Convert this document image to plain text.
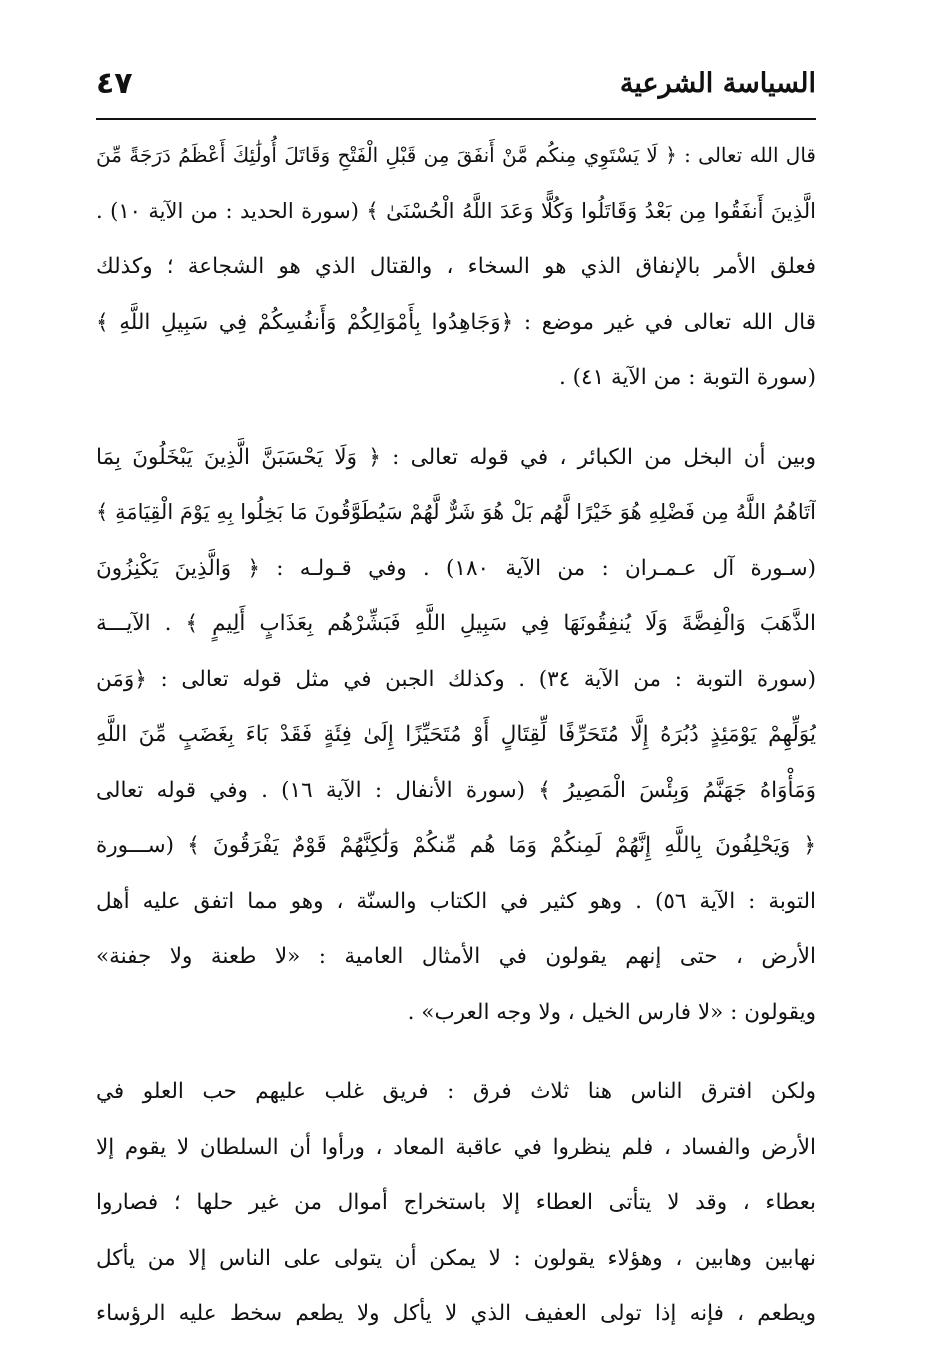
٤٧	السياسة الشرعية
قال الله تعالى : ﴿ لَا يَسْتَوِي مِنكُم مَّنْ أَنفَقَ مِن قَبْلِ الْفَتْحِ وَقَاتَلَ أُولَٰئِكَ أَعْظَمُ دَرَجَةً مِّنَ
الَّذِينَ أَنفَقُوا مِن بَعْدُ وَقَاتَلُوا وَكُلًّا وَعَدَ اللَّهُ الْحُسْنَىٰ ﴾ (سورة الحديد : من الآية ١٠) .
فعلق الأمر بالإنفاق الذي هو السخاء ، والقتال الذي هو الشجاعة ؛ وكذلك
قال الله تعالى في غير موضع : ﴿وَجَاهِدُوا بِأَمْوَالِكُمْ وَأَنفُسِكُمْ فِي سَبِيلِ اللَّهِ ﴾
(سورة التوبة : من الآية ٤١) .
وبين أن البخل من الكبائر ، في قوله تعالى : ﴿ وَلَا يَحْسَبَنَّ الَّذِينَ يَبْخَلُونَ بِمَا
آتَاهُمُ اللَّهُ مِن فَضْلِهِ هُوَ خَيْرًا لَّهُم بَلْ هُوَ شَرٌّ لَّهُمْ سَيُطَوَّقُونَ مَا بَخِلُوا بِهِ يَوْمَ الْقِيَامَةِ ﴾
(سـورة آل عـمـران : من الآية ١٨٠) . وفي قـولـه : ﴿ وَالَّذِينَ يَكْنِزُونَ
الذَّهَبَ وَالْفِضَّةَ وَلَا يُنفِقُونَهَا فِي سَبِيلِ اللَّهِ فَبَشِّرْهُم بِعَذَابٍ أَلِيمٍ ﴾ . الآيـــة
(سورة التوبة : من الآية ٣٤) . وكذلك الجبن في مثل قوله تعالى : ﴿وَمَن
يُوَلِّهِمْ يَوْمَئِذٍ دُبُرَهُ إِلَّا مُتَحَرِّفًا لِّقِتَالٍ أَوْ مُتَحَيِّزًا إِلَىٰ فِئَةٍ فَقَدْ بَاءَ بِغَضَبٍ مِّنَ اللَّهِ
وَمَأْوَاهُ جَهَنَّمُ وَبِئْسَ الْمَصِيرُ ﴾ (سورة الأنفال : الآية ١٦) . وفي قوله تعالى
﴿ وَيَحْلِفُونَ بِاللَّهِ إِنَّهُمْ لَمِنكُمْ وَمَا هُم مِّنكُمْ وَلَٰكِنَّهُمْ قَوْمٌ يَفْرَقُونَ ﴾ (ســـورة
التوبة : الآية ٥٦) . وهو كثير في الكتاب والسنّة ، وهو مما اتفق عليه أهل
الأرض ، حتى إنهم يقولون في الأمثال العامية : «لا طعنة ولا جفنة»
ويقولون : «لا فارس الخيل ، ولا وجه العرب» .
ولكن افترق الناس هنا ثلاث فرق : فريق غلب عليهم حب العلو في
الأرض والفساد ، فلم ينظروا في عاقبة المعاد ، ورأوا أن السلطان لا يقوم إلا
بعطاء ، وقد لا يتأتى العطاء إلا باستخراج أموال من غير حلها ؛ فصاروا
نهابين وهابين ، وهؤلاء يقولون : لا يمكن أن يتولى على الناس إلا من يأكل
ويطعم ، فإنه إذا تولى العفيف الذي لا يأكل ولا يطعم سخط عليه الرؤساء
